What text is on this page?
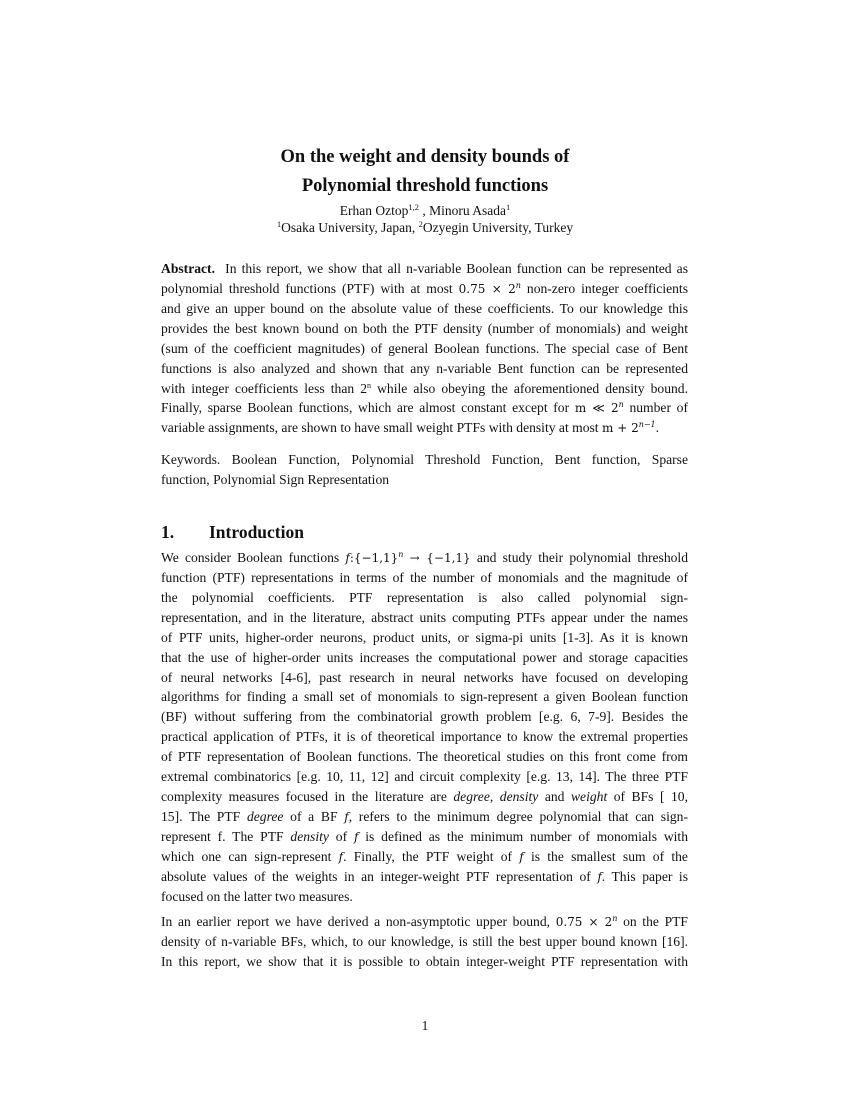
On the weight and density bounds of
Polynomial threshold functions
Erhan Oztop$^{1,2}$ , Minoru Asada$^1$
$^1$Osaka University, Japan, $^2$Ozyegin University, Turkey
Abstract. In this report, we show that all n-variable Boolean function can be represented as
polynomial threshold functions (PTF) with at most $0.75 \times 2^n$ non-zero integer coefficients
and give an upper bound on the absolute value of these coefficients. To our knowledge this
provides the best known bound on both the PTF density (number of monomials) and weight
(sum of the coefficient magnitudes) of general Boolean functions. The special case of Bent
functions is also analyzed and shown that any n-variable Bent function can be represented
with integer coefficients less than 2$^n$ while also obeying the aforementioned density bound.
Finally, sparse Boolean functions, which are almost constant except for m ≪ 2$^n$ number of
variable assignments, are shown to have small weight PTFs with density at most $m + 2^{n-1}$.
Keywords. Boolean Function, Polynomial Threshold Function, Bent function, Sparse
function, Polynomial Sign Representation
1. Introduction
We consider Boolean functions $f:\{-1,1\}^n \to \{-1,1\}$ and study their polynomial threshold
function (PTF) representations in terms of the number of monomials and the magnitude of
the polynomial coefficients. PTF representation is also called polynomial sign-
representation, and in the literature, abstract units computing PTFs appear under the names
of PTF units, higher-order neurons, product units, or sigma-pi units [1-3]. As it is known
that the use of higher-order units increases the computational power and storage capacities
of neural networks [4-6], past research in neural networks have focused on developing
algorithms for finding a small set of monomials to sign-represent a given Boolean function
(BF) without suffering from the combinatorial growth problem [e.g. 6, 7-9]. Besides the
practical application of PTFs, it is of theoretical importance to know the extremal properties
of PTF representation of Boolean functions. The theoretical studies on this front come from
extremal combinatorics [e.g. 10, 11, 12] and circuit complexity [e.g. 13, 14]. The three PTF
complexity measures focused in the literature are degree, density and weight of BFs [ 10,
15]. The PTF degree of a BF f, refers to the minimum degree polynomial that can sign-
represent f. The PTF density of f is defined as the minimum number of monomials with
which one can sign-represent f. Finally, the PTF weight of f is the smallest sum of the
absolute values of the weights in an integer-weight PTF representation of f. This paper is
focused on the latter two measures.
In an earlier report we have derived a non-asymptotic upper bound, $0.75 \times 2^n$ on the PTF
density of n-variable BFs, which, to our knowledge, is still the best upper bound known [16].
In this report, we show that it is possible to obtain integer-weight PTF representation with
1
